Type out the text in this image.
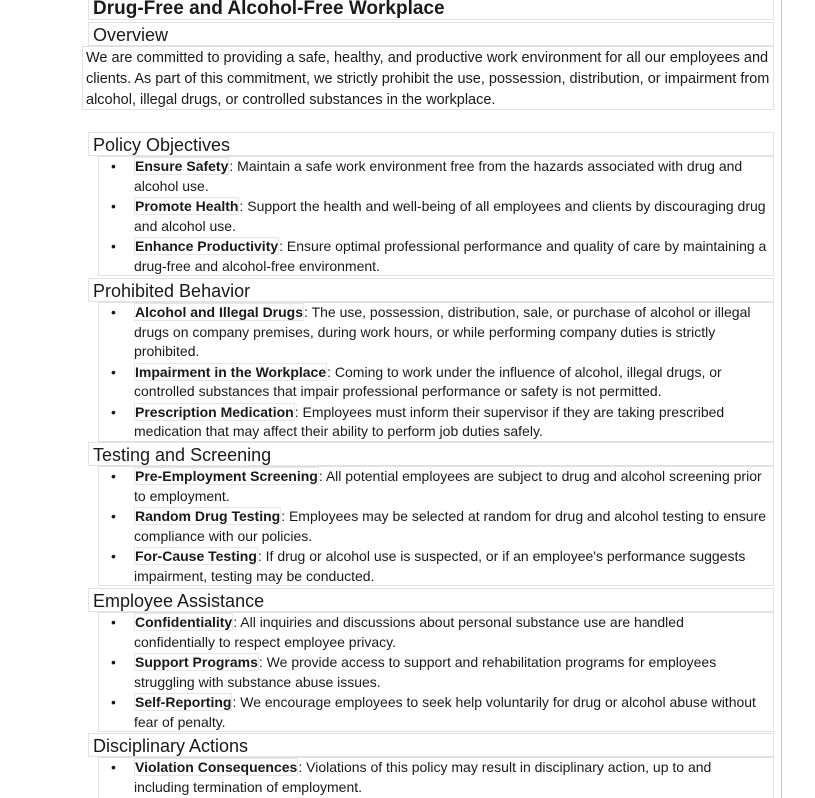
Drug-Free and Alcohol-Free Workplace
Overview
We are committed to providing a safe, healthy, and productive work environment for all our employees and clients. As part of this commitment, we strictly prohibit the use, possession, distribution, or impairment from alcohol, illegal drugs, or controlled substances in the workplace.
Policy Objectives
• Ensure Safety: Maintain a safe work environment free from the hazards associated with drug and alcohol use.
• Promote Health: Support the health and well-being of all employees and clients by discouraging drug and alcohol use.
• Enhance Productivity: Ensure optimal professional performance and quality of care by maintaining a drug-free and alcohol-free environment.
Prohibited Behavior
• Alcohol and Illegal Drugs: The use, possession, distribution, sale, or purchase of alcohol or illegal drugs on company premises, during work hours, or while performing company duties is strictly prohibited.
• Impairment in the Workplace: Coming to work under the influence of alcohol, illegal drugs, or controlled substances that impair professional performance or safety is not permitted.
• Prescription Medication: Employees must inform their supervisor if they are taking prescribed medication that may affect their ability to perform job duties safely.
Testing and Screening
• Pre-Employment Screening: All potential employees are subject to drug and alcohol screening prior to employment.
• Random Drug Testing: Employees may be selected at random for drug and alcohol testing to ensure compliance with our policies.
• For-Cause Testing: If drug or alcohol use is suspected, or if an employee's performance suggests impairment, testing may be conducted.
Employee Assistance
• Confidentiality: All inquiries and discussions about personal substance use are handled confidentially to respect employee privacy.
• Support Programs: We provide access to support and rehabilitation programs for employees struggling with substance abuse issues.
• Self-Reporting: We encourage employees to seek help voluntarily for drug or alcohol abuse without fear of penalty.
Disciplinary Actions
• Violation Consequences: Violations of this policy may result in disciplinary action, up to and including termination of employment.
